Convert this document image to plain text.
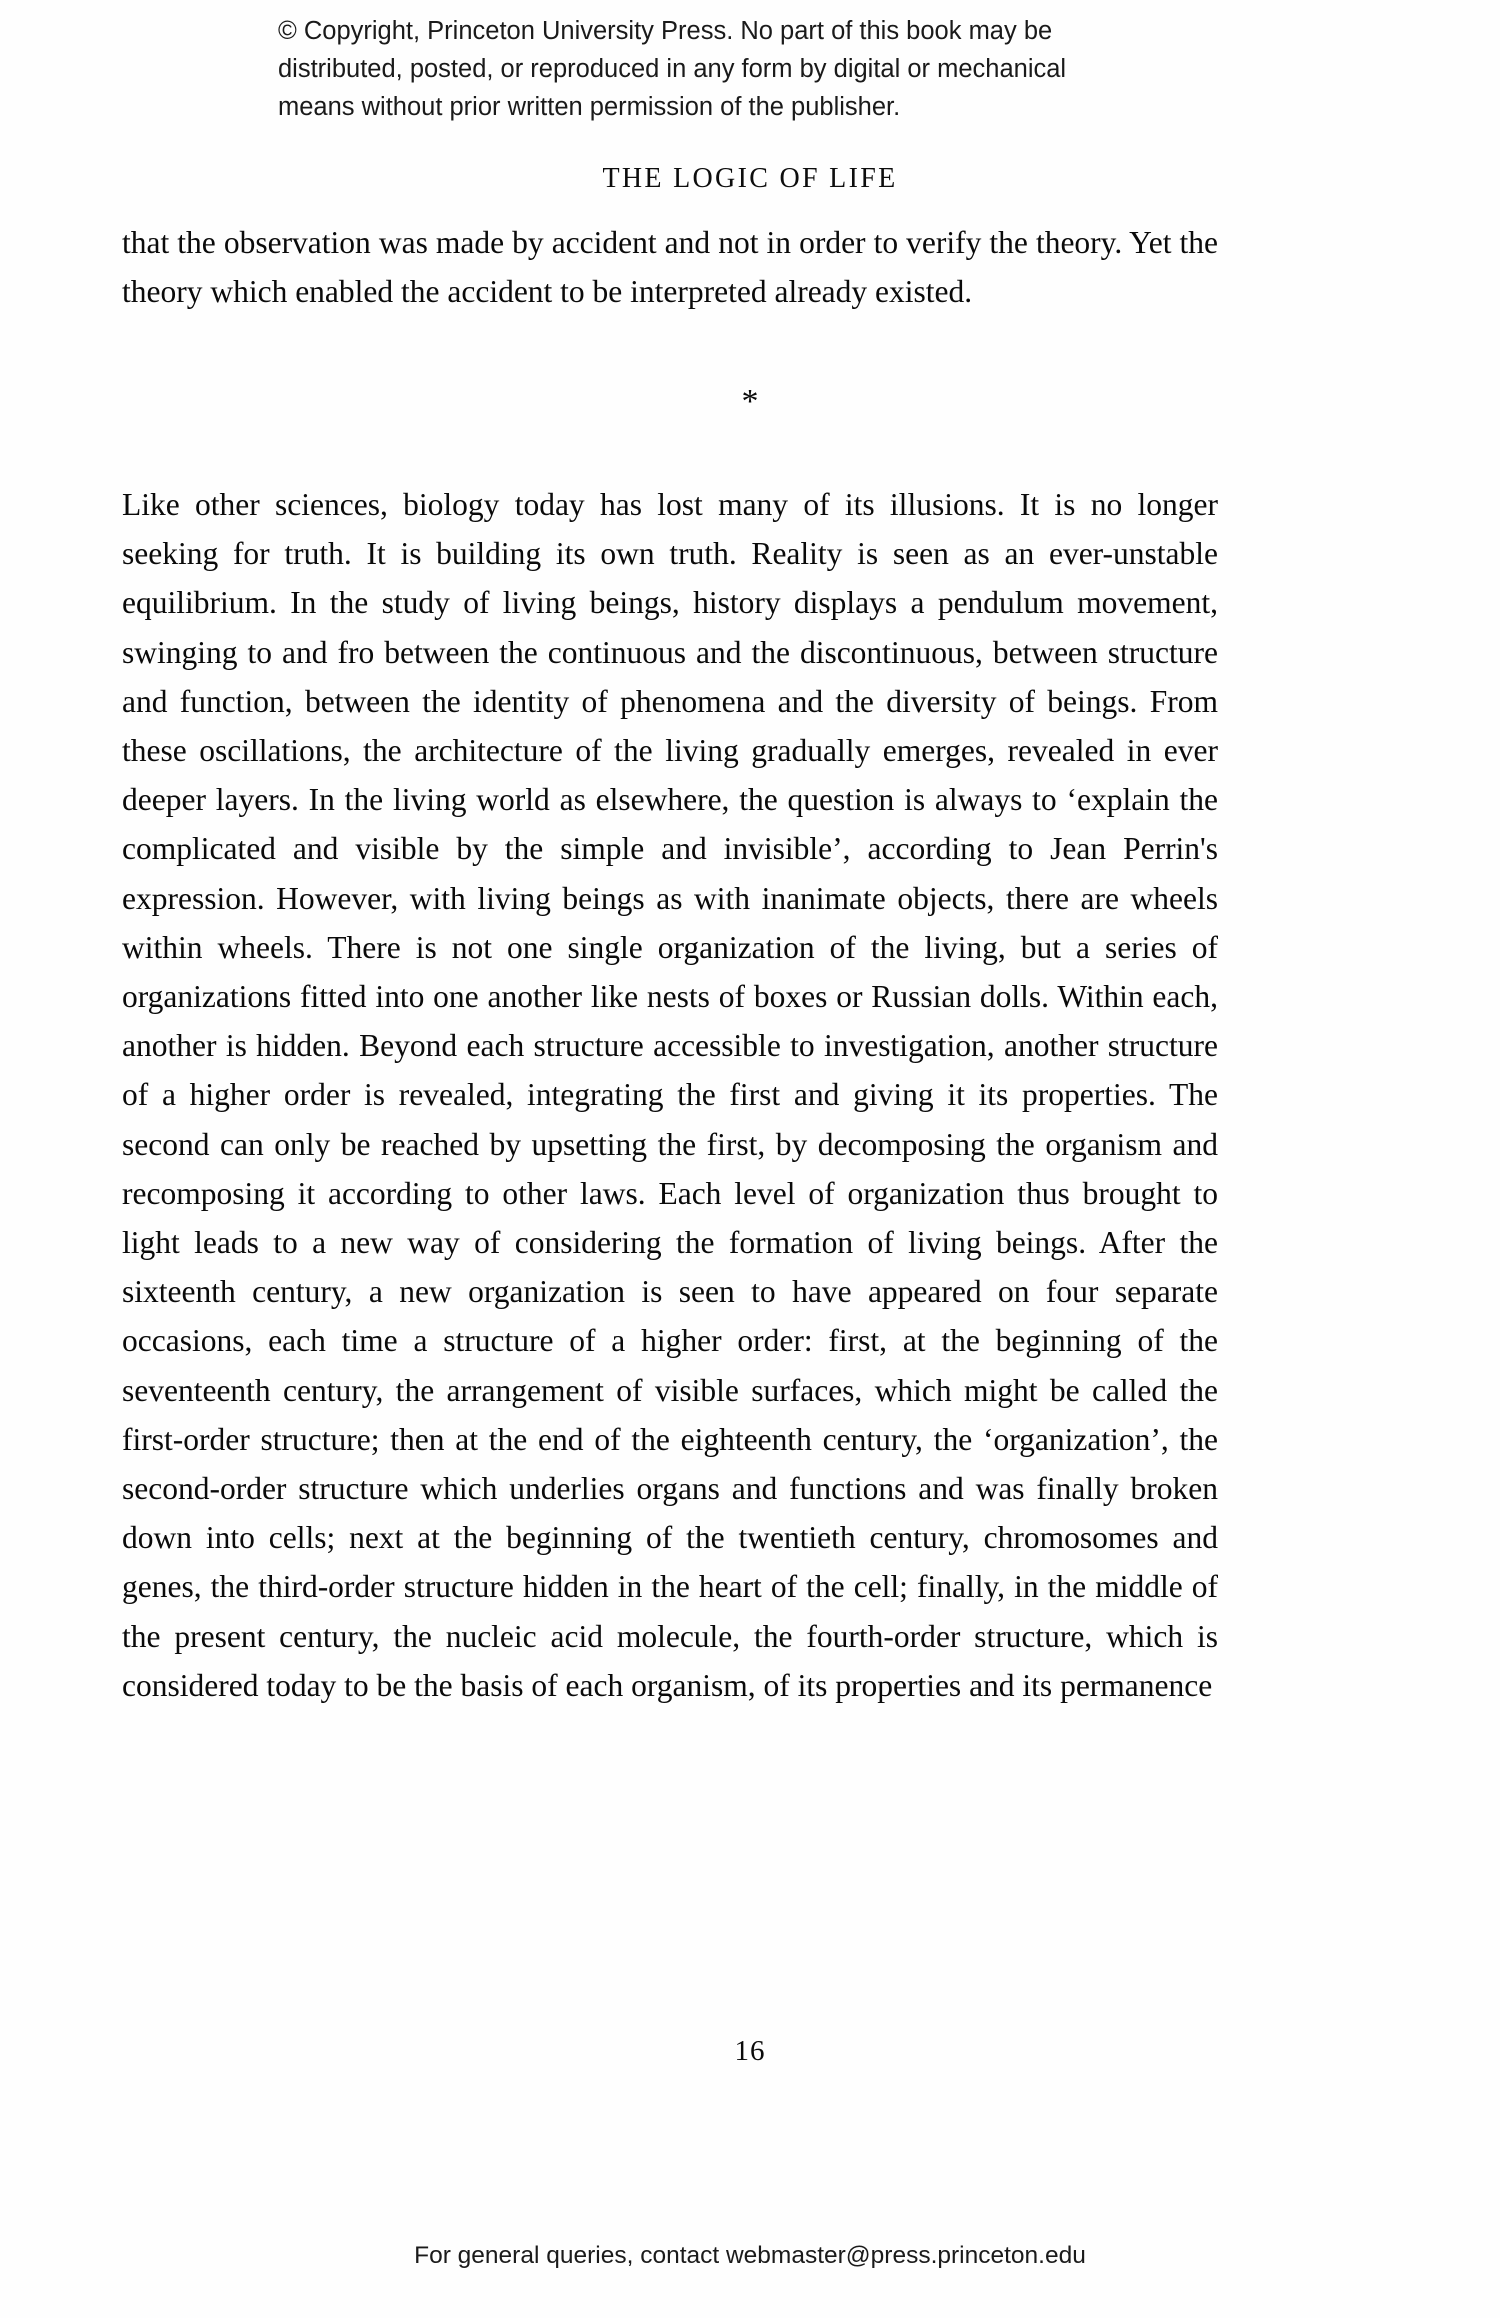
© Copyright, Princeton University Press. No part of this book may be
distributed, posted, or reproduced in any form by digital or mechanical
means without prior written permission of the publisher.
THE LOGIC OF LIFE

that the observation was made by accident and not in order to verify the theory. Yet the theory which enabled the accident to be interpreted already existed.

*

Like other sciences, biology today has lost many of its illusions. It is no longer seeking for truth. It is building its own truth. Reality is seen as an ever-unstable equilibrium. In the study of living beings, history displays a pendulum movement, swinging to and fro between the continuous and the discontinuous, between structure and function, between the identity of phenomena and the diversity of beings. From these oscillations, the architecture of the living gradually emerges, revealed in ever deeper layers. In the living world as elsewhere, the question is always to ‘explain the complicated and visible by the simple and invisible’, according to Jean Perrin's expression. However, with living beings as with inanimate objects, there are wheels within wheels. There is not one single organization of the living, but a series of organizations fitted into one another like nests of boxes or Russian dolls. Within each, another is hidden. Beyond each structure accessible to investigation, another structure of a higher order is revealed, integrating the first and giving it its properties. The second can only be reached by upsetting the first, by decomposing the organism and recomposing it according to other laws. Each level of organization thus brought to light leads to a new way of considering the formation of living beings. After the sixteenth century, a new organization is seen to have appeared on four separate occasions, each time a structure of a higher order: first, at the beginning of the seventeenth century, the arrangement of visible surfaces, which might be called the first-order structure; then at the end of the eighteenth century, the ‘organization’, the second-order structure which underlies organs and functions and was finally broken down into cells; next at the beginning of the twentieth century, chromosomes and genes, the third-order structure hidden in the heart of the cell; finally, in the middle of the present century, the nucleic acid molecule, the fourth-order structure, which is considered today to be the basis of each organism, of its properties and its permanence

16
For general queries, contact webmaster@press.princeton.edu
